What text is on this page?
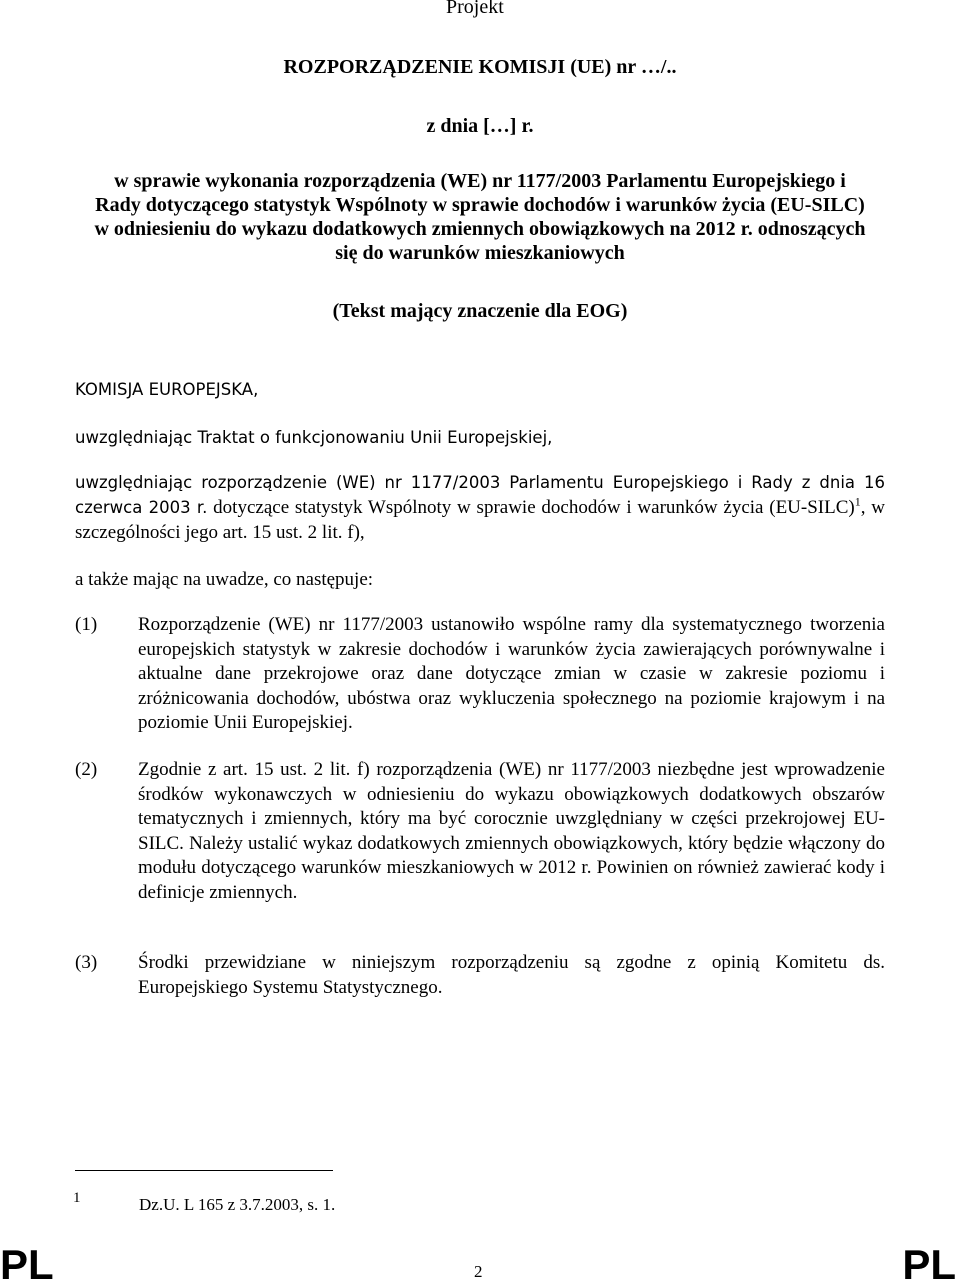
Projekt
ROZPORZĄDZENIE KOMISJI (UE) nr …/..
z dnia […] r.
w sprawie wykonania rozporządzenia (WE) nr 1177/2003 Parlamentu Europejskiego i Rady dotyczącego statystyk Wspólnoty w sprawie dochodów i warunków życia (EU-SILC) w odniesieniu do wykazu dodatkowych zmiennych obowiązkowych na 2012 r. odnoszących się do warunków mieszkaniowych
(Tekst mający znaczenie dla EOG)
KOMISJA EUROPEJSKA,
uwzględniając Traktat o funkcjonowaniu Unii Europejskiej,
uwzględniając rozporządzenie (WE) nr 1177/2003 Parlamentu Europejskiego i Rady z dnia 16 czerwca 2003 r. dotyczące statystyk Wspólnoty w sprawie dochodów i warunków życia (EU-SILC)$^1$, w szczególności jego art. 15 ust. 2 lit. f),
a także mając na uwadze, co następuje:
(1) Rozporządzenie (WE) nr 1177/2003 ustanowiło wspólne ramy dla systematycznego tworzenia europejskich statystyk w zakresie dochodów i warunków życia zawierających porównywalne i aktualne dane przekrojowe oraz dane dotyczące zmian w czasie w zakresie poziomu i zróżnicowania dochodów, ubóstwa oraz wykluczenia społecznego na poziomie krajowym i na poziomie Unii Europejskiej.
(2) Zgodnie z art. 15 ust. 2 lit. f) rozporządzenia (WE) nr 1177/2003 niezbędne jest wprowadzenie środków wykonawczych w odniesieniu do wykazu obowiązkowych dodatkowych obszarów tematycznych i zmiennych, który ma być corocznie uwzględniany w części przekrojowej EU-SILC. Należy ustalić wykaz dodatkowych zmiennych obowiązkowych, który będzie włączony do modułu dotyczącego warunków mieszkaniowych w 2012 r. Powinien on również zawierać kody i definicje zmiennych.
(3) Środki przewidziane w niniejszym rozporządzeniu są zgodne z opinią Komitetu ds. Europejskiego Systemu Statystycznego.
1	Dz.U. L 165 z 3.7.2003, s. 1.
PL	2	PL
